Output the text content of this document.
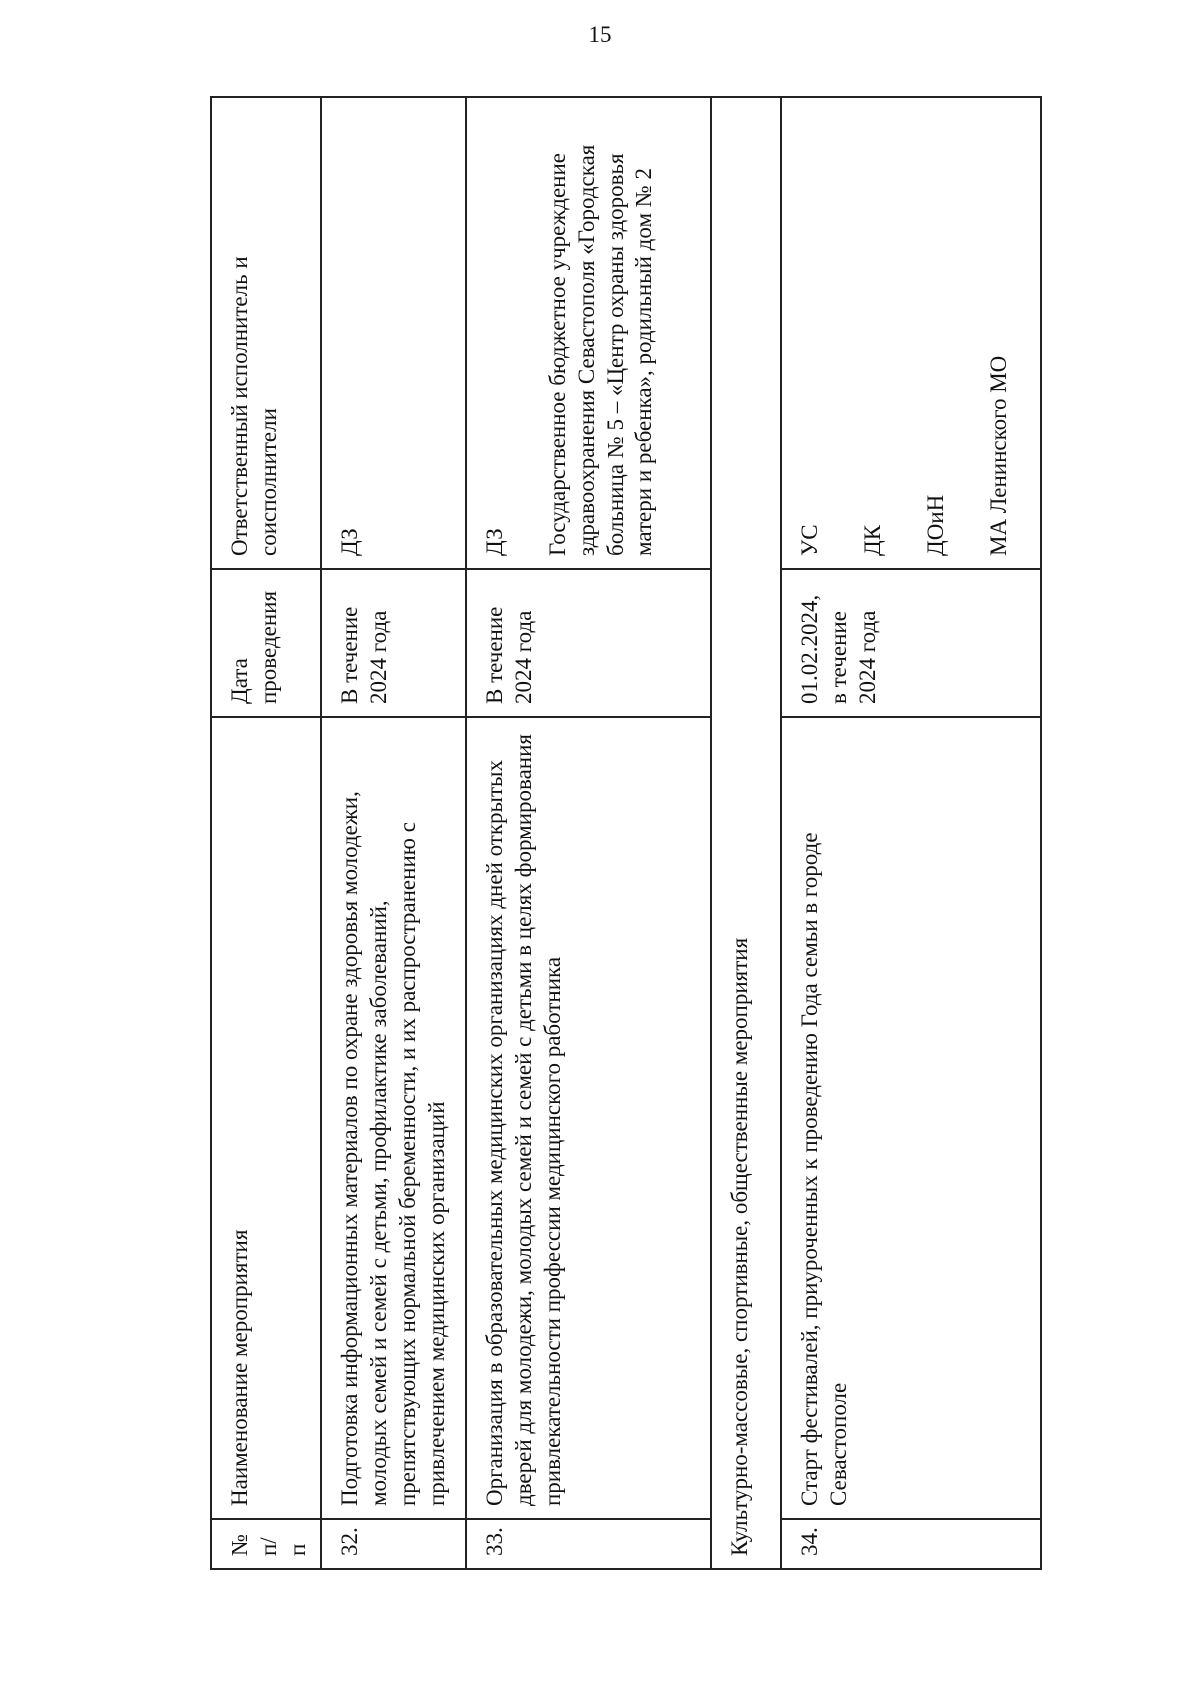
15
№ п/п	Наименование мероприятия	Дата проведения	Ответственный исполнитель и соисполнители
32.	Подготовка информационных материалов по охране здоровья молодежи, молодых семей и семей с детьми, профилактике заболеваний, препятствующих нормальной беременности, и их распространению с привлечением медицинских организаций	В течение 2024 года	ДЗ

33.	Организация в образовательных медицинских организациях дней открытых дверей для молодежи, молодых семей и семей с детьми в целях формирования привлекательности профессии медицинского работника	В течение 2024 года	ДЗ Государственное бюджетное учреждение здравоохранения Севастополя «Городская больница № 5 – «Центр охраны здоровья матери и ребенка», родильный дом № 2

Культурно-массовые, спортивные, общественные мероприятия			
34.	Старт фестивалей, приуроченных к проведению Года семьи в городе Севастополе	01.02.2024, в течение 2024 года	УС ДК ДОиН МА Ленинского МО
